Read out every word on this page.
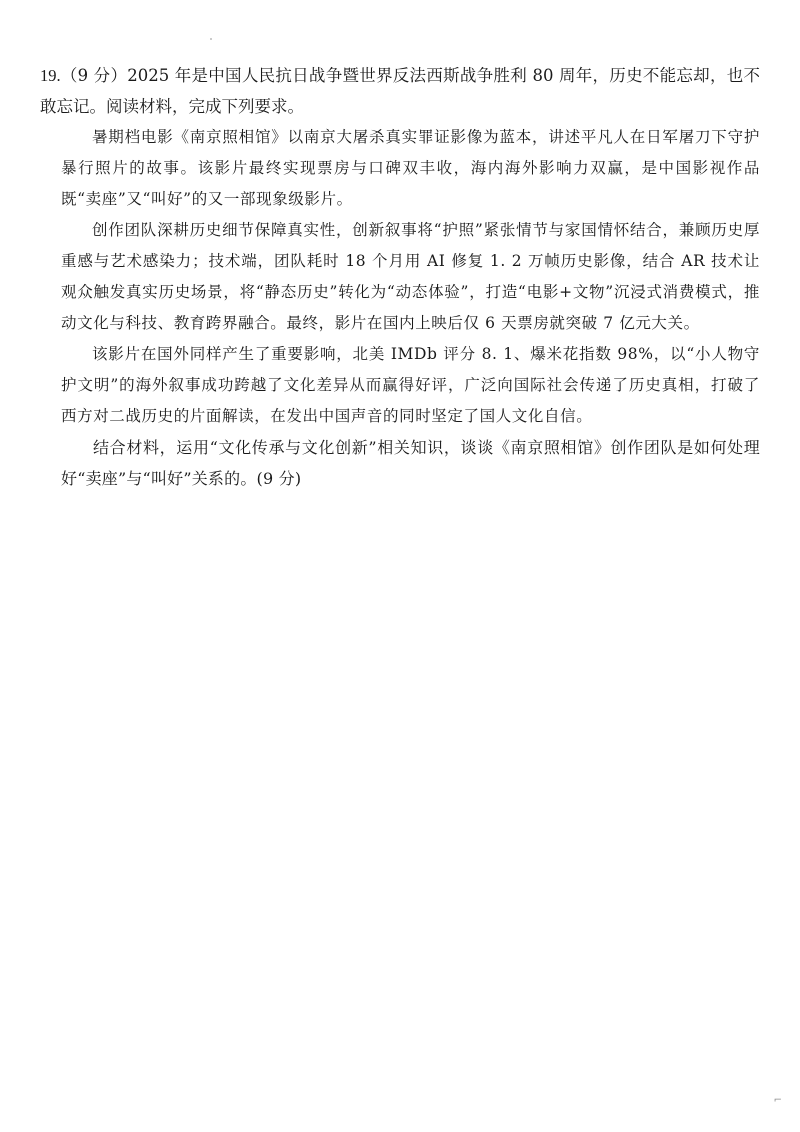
19.（9 分）2025 年是中国人民抗日战争暨世界反法西斯战争胜利 80 周年，历史不能忘却，也不敢忘记。阅读材料，完成下列要求。

暑期档电影《南京照相馆》以南京大屠杀真实罪证影像为蓝本，讲述平凡人在日军屠刀下守护暴行照片的故事。该影片最终实现票房与口碑双丰收，海内海外影响力双赢，是中国影视作品既“卖座”又“叫好”的又一部现象级影片。

创作团队深耕历史细节保障真实性，创新叙事将“护照”紧张情节与家国情怀结合，兼顾历史厚重感与艺术感染力；技术端，团队耗时 18 个月用 AI 修复 1. 2 万帧历史影像，结合 AR 技术让观众触发真实历史场景，将“静态历史”转化为“动态体验”，打造“电影+文物”沉浸式消费模式，推动文化与科技、教育跨界融合。最终，影片在国内上映后仅 6 天票房就突破 7 亿元大关。

该影片在国外同样产生了重要影响，北美 IMDb 评分 8. 1、爆米花指数 98%，以“小人物守护文明”的海外叙事成功跨越了文化差异从而赢得好评，广泛向国际社会传递了历史真相，打破了西方对二战历史的片面解读，在发出中国声音的同时坚定了国人文化自信。

结合材料，运用“文化传承与文化创新”相关知识，谈谈《南京照相馆》创作团队是如何处理好“卖座”与“叫好”关系的。(9 分)

⌐
